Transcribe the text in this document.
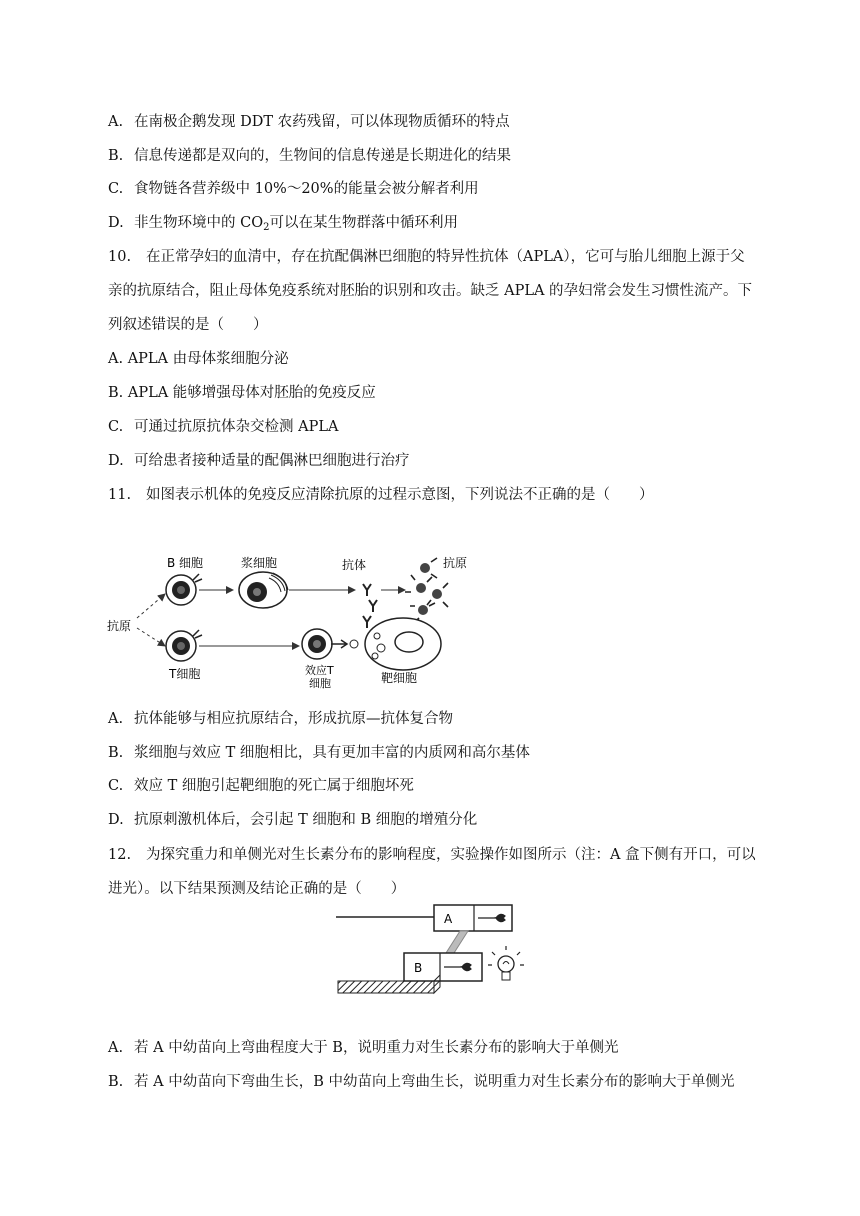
A. 在南极企鹅发现 DDT 农药残留，可以体现物质循环的特点
B. 信息传递都是双向的，生物间的信息传递是长期进化的结果
C. 食物链各营养级中 10%～20%的能量会被分解者利用
D. 非生物环境中的 $CO_2$可以在某生物群落中循环利用
10. 在正常孕妇的血清中，存在抗配偶淋巴细胞的特异性抗体（APLA），它可与胎儿细胞上源于父
亲的抗原结合，阻止母体免疫系统对胚胎的识别和攻击。缺乏 APLA 的孕妇常会发生习惯性流产。下
列叙述错误的是（　　）
A. APLA 由母体浆细胞分泌
B. APLA 能够增强母体对胚胎的免疫反应
C. 可通过抗原抗体杂交检测 APLA
D. 可给患者接种适量的配偶淋巴细胞进行治疗
11. 如图表示机体的免疫反应清除抗原的过程示意图，下列说法不正确的是（　　）
B 细胞	浆细胞	抗体	抗原
抗原
T细胞	效应T
细胞	靶细胞
A. 抗体能够与相应抗原结合，形成抗原—抗体复合物
B. 浆细胞与效应 T 细胞相比，具有更加丰富的内质网和高尔基体
C. 效应 T 细胞引起靶细胞的死亡属于细胞坏死
D. 抗原刺激机体后，会引起 T 细胞和 B 细胞的增殖分化
12. 为探究重力和单侧光对生长素分布的影响程度，实验操作如图所示（注：A 盒下侧有开口，可以
进光）。以下结果预测及结论正确的是（　　）
A
B
A. 若 A 中幼苗向上弯曲程度大于 B，说明重力对生长素分布的影响大于单侧光
B. 若 A 中幼苗向下弯曲生长，B 中幼苗向上弯曲生长，说明重力对生长素分布的影响大于单侧光
